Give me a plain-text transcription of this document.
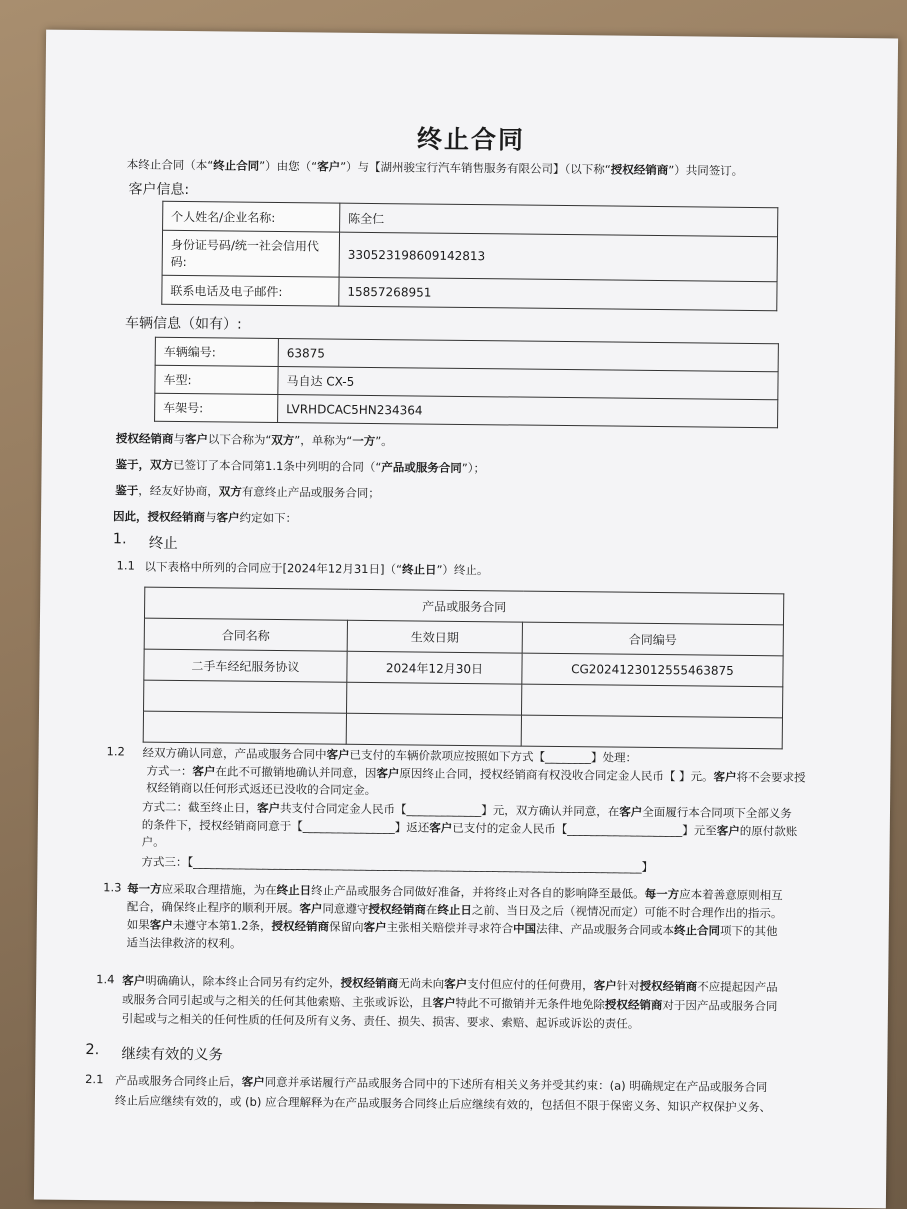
终止合同
本终止合同（本“终止合同”）由您（“客户”）与【湖州骏宝行汽车销售服务有限公司】（以下称“授权经销商”）共同签订。
客户信息:
个人姓名/企业名称:	陈全仁
身份证号码/统一社会信用代码:	330523198609142813
联系电话及电子邮件:	15857268951
车辆信息（如有）:
车辆编号:	63875
车型:	马自达 CX-5
车架号:	LVRHDCAC5HN234364
授权经销商与客户以下合称为“双方”，单称为“一方”。
鉴于，双方已签订了本合同第1.1条中列明的合同（“产品或服务合同”）；
鉴于，经友好协商，双方有意终止产品或服务合同；
因此，授权经销商与客户约定如下：
1. 终止
1.1 以下表格中所列的合同应于[2024年12月31日]（“终止日”）终止。
产品或服务合同		
合同名称	生效日期	合同编号
二手车经纪服务协议	2024年12月30日	CG2024123012555463875

1.2 经双方确认同意，产品或服务合同中客户已支付的车辆价款项应按照如下方式【________】处理：
方式一：客户在此不可撤销地确认并同意，因客户原因终止合同，授权经销商有权没收合同定金人民币【 】元。客户将不会要求授
权经销商以任何形式返还已没收的合同定金。
方式二：截至终止日，客户共支付合同定金人民币【_____________】元，双方确认并同意，在客户全面履行本合同项下全部义务
的条件下，授权经销商同意于【________________】返还客户已支付的定金人民币【____________________】元至客户的原付款账
户。
方式三：【______________________________________________________________________________】
1.3 每一方应采取合理措施，为在终止日终止产品或服务合同做好准备，并将终止对各自的影响降至最低。每一方应本着善意原则相互
配合，确保终止程序的顺利开展。客户同意遵守授权经销商在终止日之前、当日及之后（视情况而定）可能不时合理作出的指示。
如果客户未遵守本第1.2条，授权经销商保留向客户主张相关赔偿并寻求符合中国法律、产品或服务合同或本终止合同项下的其他
适当法律救济的权利。
1.4 客户明确确认，除本终止合同另有约定外，授权经销商无尚未向客户支付但应付的任何费用，客户针对授权经销商不应提起因产品
或服务合同引起或与之相关的任何其他索赔、主张或诉讼，且客户特此不可撤销并无条件地免除授权经销商对于因产品或服务合同
引起或与之相关的任何性质的任何及所有义务、责任、损失、损害、要求、索赔、起诉或诉讼的责任。
2. 继续有效的义务
2.1 产品或服务合同终止后，客户同意并承诺履行产品或服务合同中的下述所有相关义务并受其约束：(a) 明确规定在产品或服务合同
终止后应继续有效的，或 (b) 应合理解释为在产品或服务合同终止后应继续有效的，包括但不限于保密义务、知识产权保护义务、
